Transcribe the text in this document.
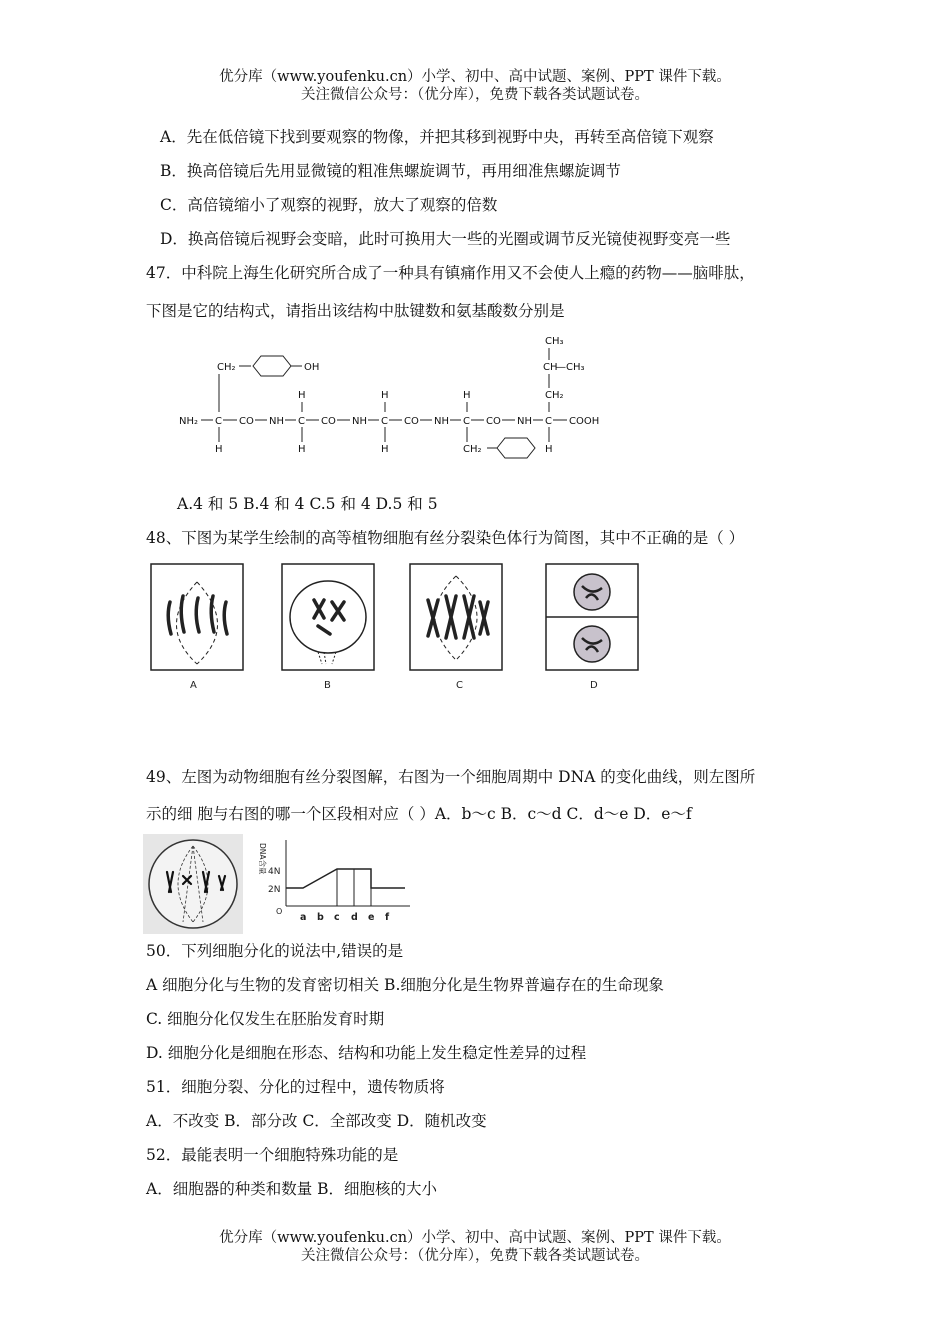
优分库（www.youfenku.cn）小学、初中、高中试题、案例、PPT 课件下载。
关注微信公众号：（优分库），免费下载各类试题试卷。
A．先在低倍镜下找到要观察的物像，并把其移到视野中央，再转至高倍镜下观察
B．换高倍镜后先用显微镜的粗准焦螺旋调节，再用细准焦螺旋调节
C．高倍镜缩小了观察的视野，放大了观察的倍数
D．换高倍镜后视野会变暗，此时可换用大一些的光圈或调节反光镜使视野变亮一些
47．中科院上海生化研究所合成了一种具有镇痛作用又不会使人上瘾的药物——脑啡肽，
下图是它的结构式，请指出该结构中肽键数和氨基酸数分别是
CH₂	OH
NH₂ C CO NH
H
H
C CO NH
H
H
C CO NH
H
H
C CO NH
CH₂
CH₃
CH
—CH₃
CH₂
C COOH
H
A.4 和 5 B.4 和 4 C.5 和 4 D.5 和 5
48、下图为某学生绘制的高等植物细胞有丝分裂染色体行为简图，其中不正确的是（ ）
A	B	C	D
49、左图为动物细胞有丝分裂图解，右图为一个细胞周期中 DNA 的变化曲线，则左图所
示的细 胞与右图的哪一个区段相对应（ ）A．b～c B．c～d C．d～e D．e～f
DNA含量 4N
2N
O
a b c d e f
50．下列细胞分化的说法中,错误的是
A 细胞分化与生物的发育密切相关 B.细胞分化是生物界普遍存在的生命现象
C. 细胞分化仅发生在胚胎发育时期
D. 细胞分化是细胞在形态、结构和功能上发生稳定性差异的过程
51．细胞分裂、分化的过程中，遗传物质将
A．不改变 B．部分改 C．全部改变 D．随机改变
52．最能表明一个细胞特殊功能的是
A．细胞器的种类和数量 B．细胞核的大小
优分库（www.youfenku.cn）小学、初中、高中试题、案例、PPT 课件下载。
关注微信公众号：（优分库），免费下载各类试题试卷。
